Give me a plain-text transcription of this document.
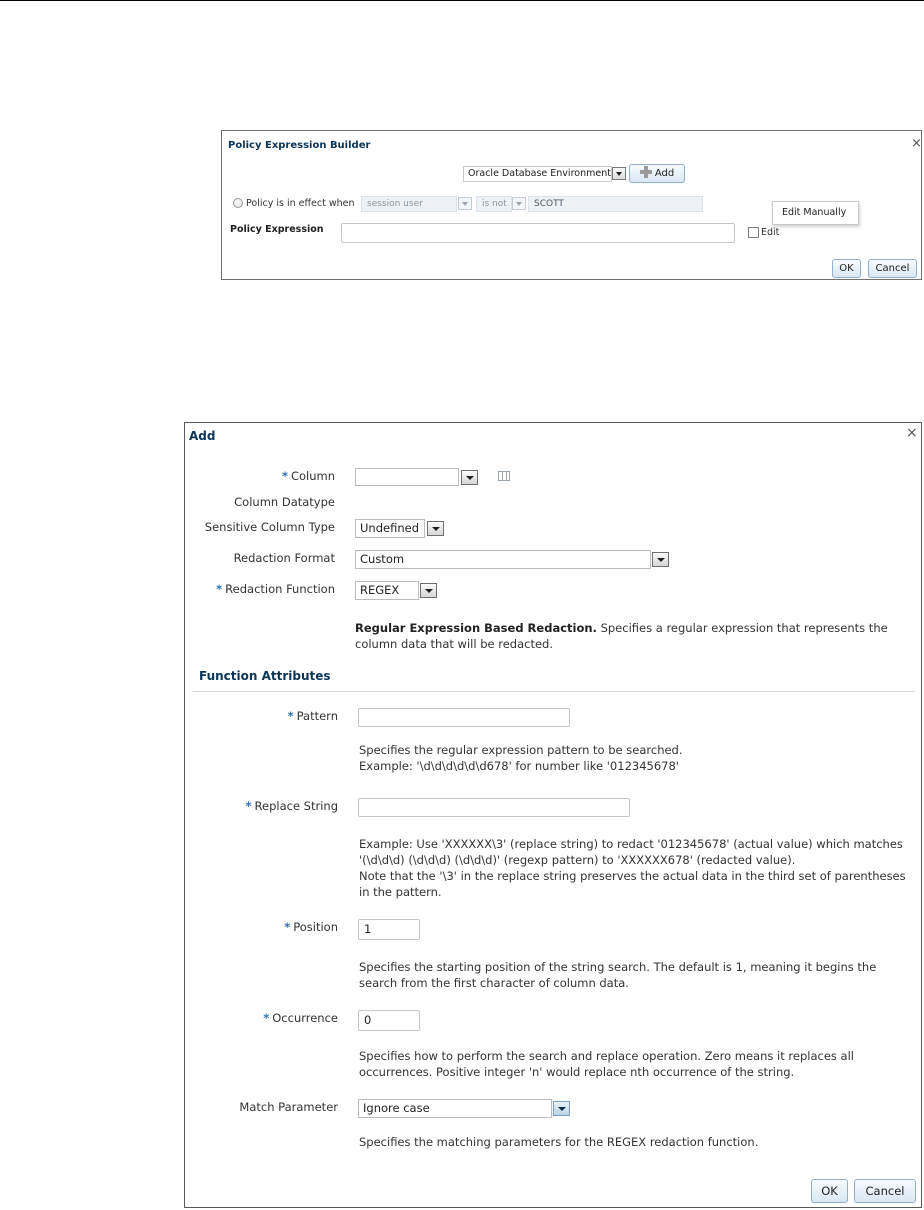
Policy Expression Builder	×
Oracle Database Environment	Add
Policy is in effect when	session user	is not	SCOTT
Policy Expression	Edit
Edit Manually
OK	Cancel
Add	×
* Column
Column Datatype
Sensitive Column Type	Undefined
Redaction Format	Custom
* Redaction Function	REGEX
Regular Expression Based Redaction. Specifies a regular expression that represents the column data that will be redacted.
Function Attributes
* Pattern
Specifies the regular expression pattern to be searched.
Example: '\d\d\d\d\d\d678' for number like '012345678'
* Replace String
Example: Use 'XXXXXX\3' (replace string) to redact '012345678' (actual value) which matches
'(\d\d\d) (\d\d\d) (\d\d\d)' (regexp pattern) to 'XXXXXX678' (redacted value).
Note that the '\3' in the replace string preserves the actual data in the third set of parentheses
in the pattern.
* Position	1
Specifies the starting position of the string search. The default is 1, meaning it begins the
search from the first character of column data.
* Occurrence	0
Specifies how to perform the search and replace operation. Zero means it replaces all
occurrences. Positive integer 'n' would replace nth occurrence of the string.
Match Parameter	Ignore case
Specifies the matching parameters for the REGEX redaction function.
OK	Cancel
